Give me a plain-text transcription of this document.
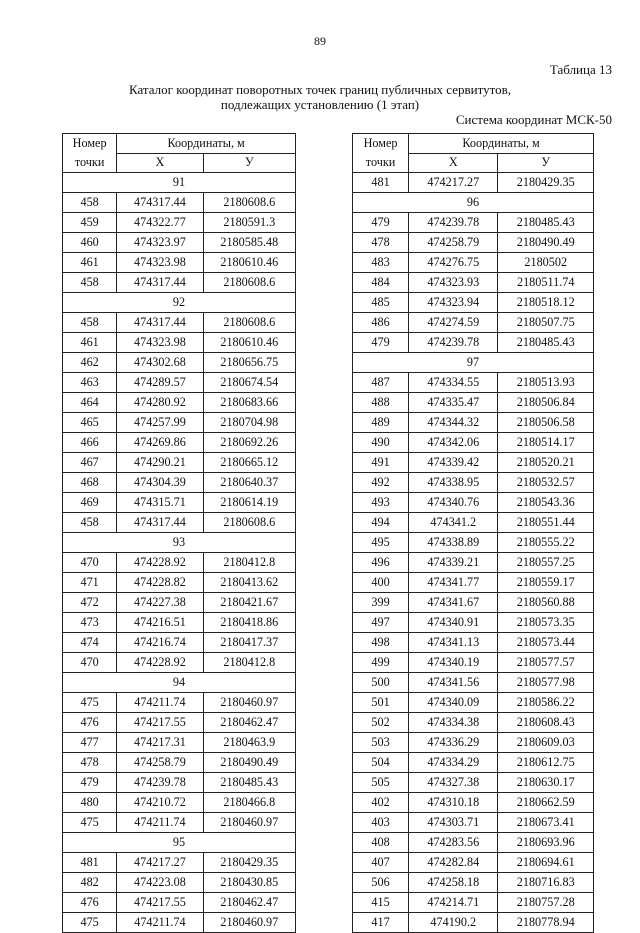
89
Таблица 13
Каталог координат поворотных точек границ публичных сервитутов,
подлежащих установлению (1 этап)
Система координат МСК-50
Номер
точки	Координаты, м	
	X	У
91		
458	474317.44	2180608.6
459	474322.77	2180591.3
460	474323.97	2180585.48
461	474323.98	2180610.46
458	474317.44	2180608.6
92		
458	474317.44	2180608.6
461	474323.98	2180610.46
462	474302.68	2180656.75
463	474289.57	2180674.54
464	474280.92	2180683.66
465	474257.99	2180704.98
466	474269.86	2180692.26
467	474290.21	2180665.12
468	474304.39	2180640.37
469	474315.71	2180614.19
458	474317.44	2180608.6
93		
470	474228.92	2180412.8
471	474228.82	2180413.62
472	474227.38	2180421.67
473	474216.51	2180418.86
474	474216.74	2180417.37
470	474228.92	2180412.8
94		
475	474211.74	2180460.97
476	474217.55	2180462.47
477	474217.31	2180463.9
478	474258.79	2180490.49
479	474239.78	2180485.43
480	474210.72	2180466.8
475	474211.74	2180460.97
95		
481	474217.27	2180429.35
482	474223.08	2180430.85
476	474217.55	2180462.47
475	474211.74	2180460.97
Номер
точки	Координаты, м	
	X	У
481	474217.27	2180429.35
96		
479	474239.78	2180485.43
478	474258.79	2180490.49
483	474276.75	2180502
484	474323.93	2180511.74
485	474323.94	2180518.12
486	474274.59	2180507.75
479	474239.78	2180485.43
97		
487	474334.55	2180513.93
488	474335.47	2180506.84
489	474344.32	2180506.58
490	474342.06	2180514.17
491	474339.42	2180520.21
492	474338.95	2180532.57
493	474340.76	2180543.36
494	474341.2	2180551.44
495	474338.89	2180555.22
496	474339.21	2180557.25
400	474341.77	2180559.17
399	474341.67	2180560.88
497	474340.91	2180573.35
498	474341.13	2180573.44
499	474340.19	2180577.57
500	474341.56	2180577.98
501	474340.09	2180586.22
502	474334.38	2180608.43
503	474336.29	2180609.03
504	474334.29	2180612.75
505	474327.38	2180630.17
402	474310.18	2180662.59
403	474303.71	2180673.41
408	474283.56	2180693.96
407	474282.84	2180694.61
506	474258.18	2180716.83
415	474214.71	2180757.28
417	474190.2	2180778.94
